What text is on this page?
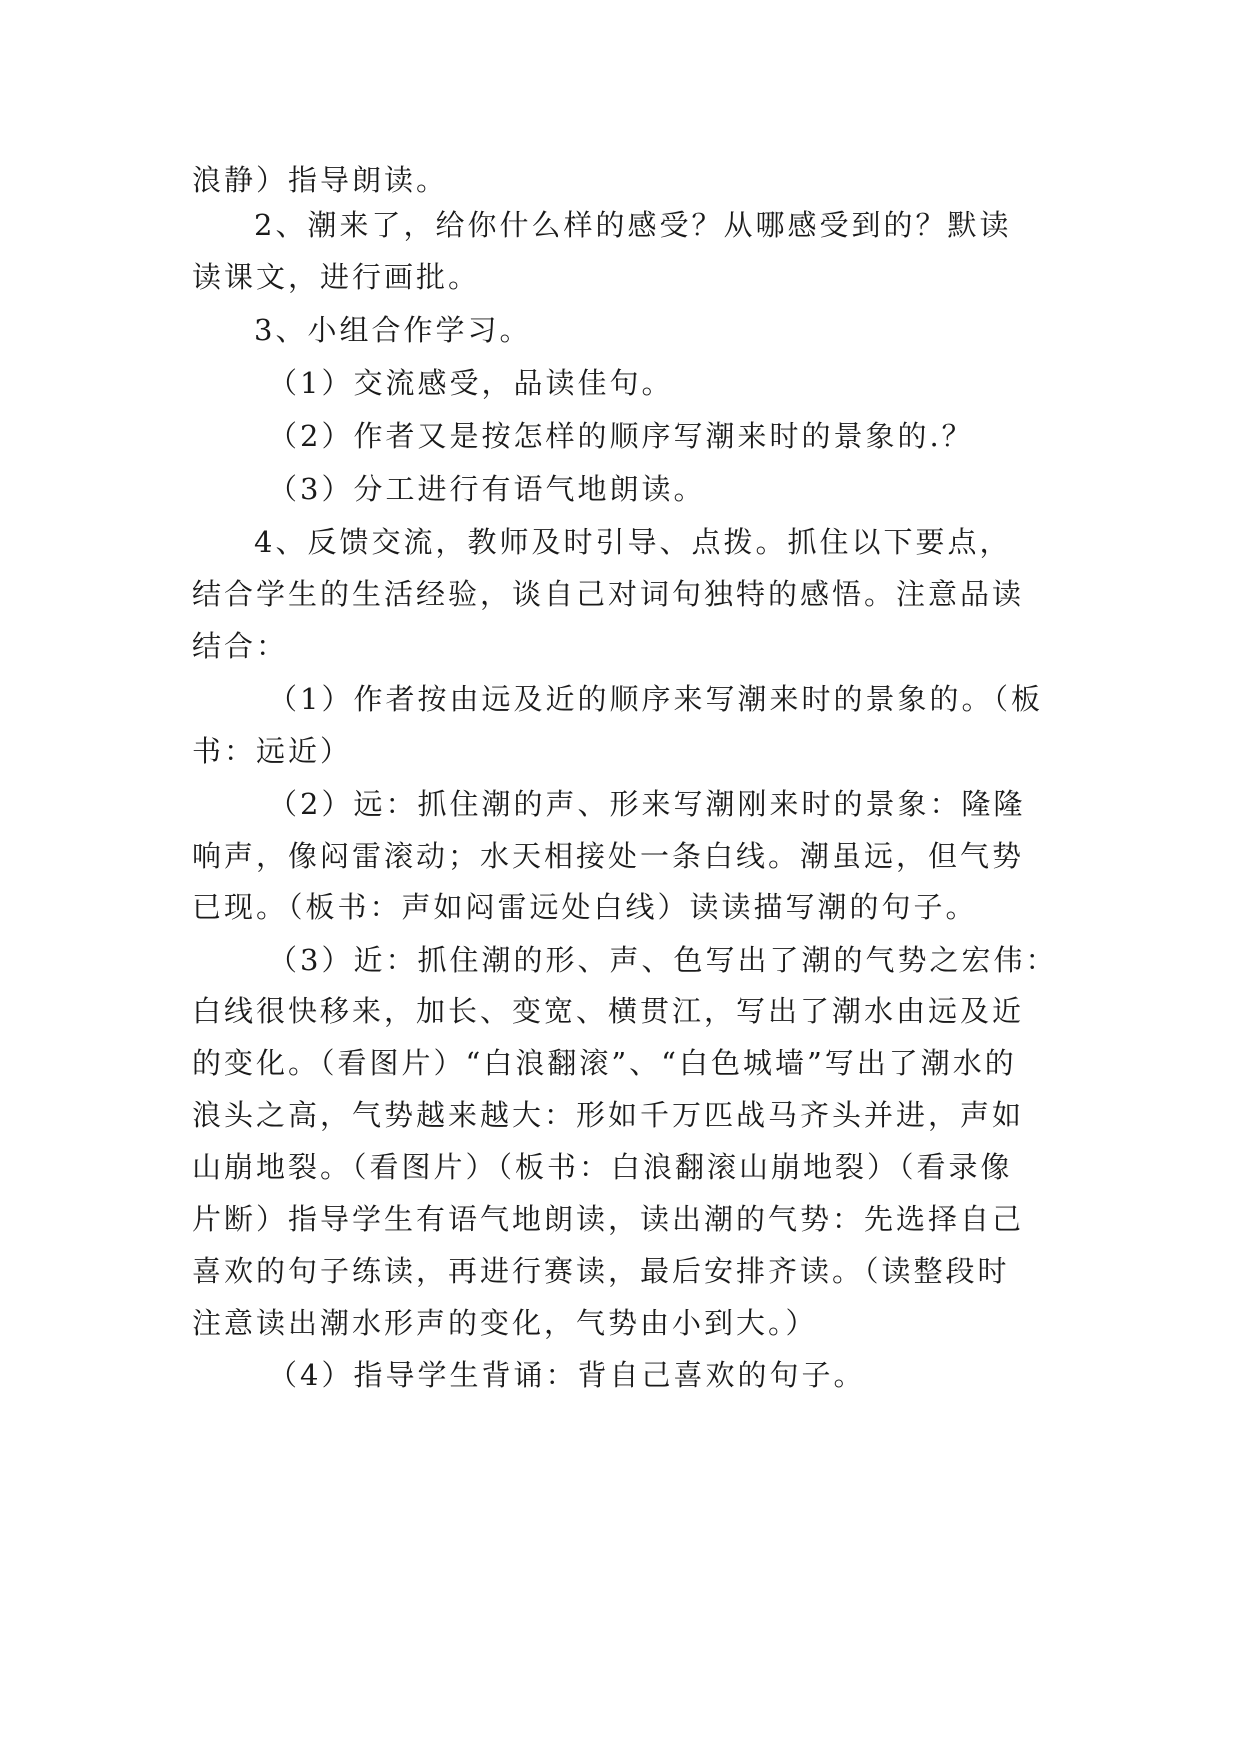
浪静）指导朗读。
2、潮来了，给你什么样的感受？从哪感受到的？默读
读课文，进行画批。
3、小组合作学习。
（1）交流感受，品读佳句。
（2）作者又是按怎样的顺序写潮来时的景象的.？
（3）分工进行有语气地朗读。
4、反馈交流，教师及时引导、点拨。抓住以下要点，
结合学生的生活经验，谈自己对词句独特的感悟。注意品读
结合：
（1）作者按由远及近的顺序来写潮来时的景象的。（板
书：远近）
（2）远：抓住潮的声、形来写潮刚来时的景象：隆隆
响声，像闷雷滚动；水天相接处一条白线。潮虽远，但气势
已现。（板书：声如闷雷远处白线）读读描写潮的句子。
（3）近：抓住潮的形、声、色写出了潮的气势之宏伟：
白线很快移来，加长、变宽、横贯江，写出了潮水由远及近
的变化。（看图片）“白浪翻滚”、“白色城墙”写出了潮水的
浪头之高，气势越来越大：形如千万匹战马齐头并进，声如
山崩地裂。（看图片）（板书：白浪翻滚山崩地裂）（看录像
片断）指导学生有语气地朗读，读出潮的气势：先选择自己
喜欢的句子练读，再进行赛读，最后安排齐读。（读整段时
注意读出潮水形声的变化，气势由小到大。）
（4）指导学生背诵：背自己喜欢的句子。
